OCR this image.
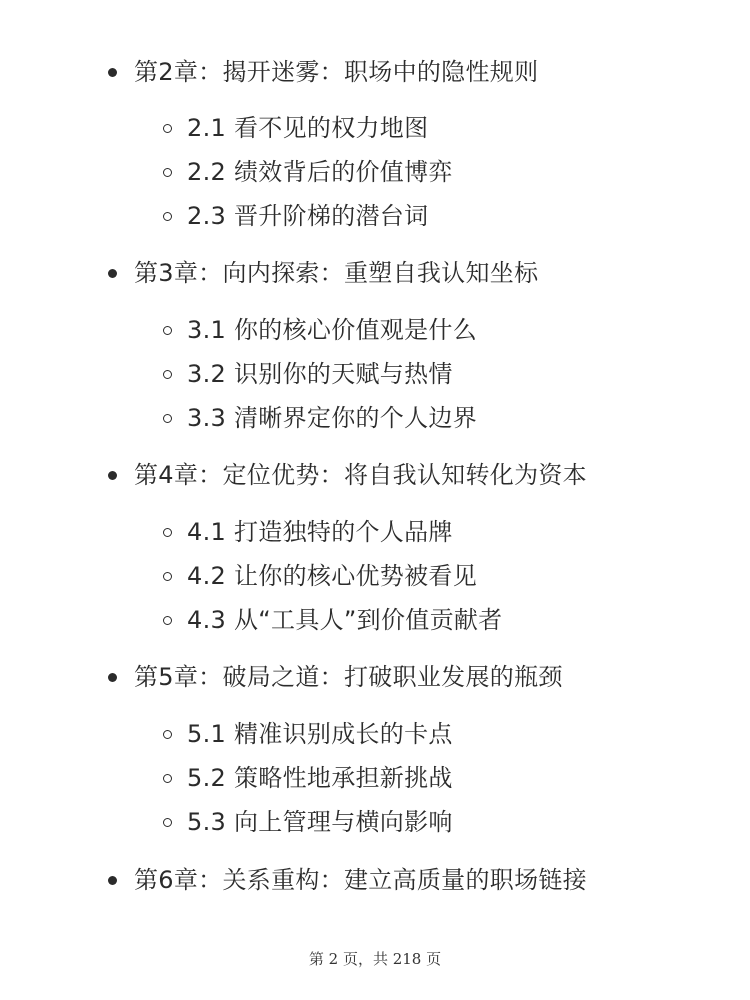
第2章：揭开迷雾：职场中的隐性规则
2.1 看不见的权力地图
2.2 绩效背后的价值博弈
2.3 晋升阶梯的潜台词
第3章：向内探索：重塑自我认知坐标
3.1 你的核心价值观是什么
3.2 识别你的天赋与热情
3.3 清晰界定你的个人边界
第4章：定位优势：将自我认知转化为资本
4.1 打造独特的个人品牌
4.2 让你的核心优势被看见
4.3 从“工具人”到价值贡献者
第5章：破局之道：打破职业发展的瓶颈
5.1 精准识别成长的卡点
5.2 策略性地承担新挑战
5.3 向上管理与横向影响
第6章：关系重构：建立高质量的职场链接
第 2 页，共 218 页
